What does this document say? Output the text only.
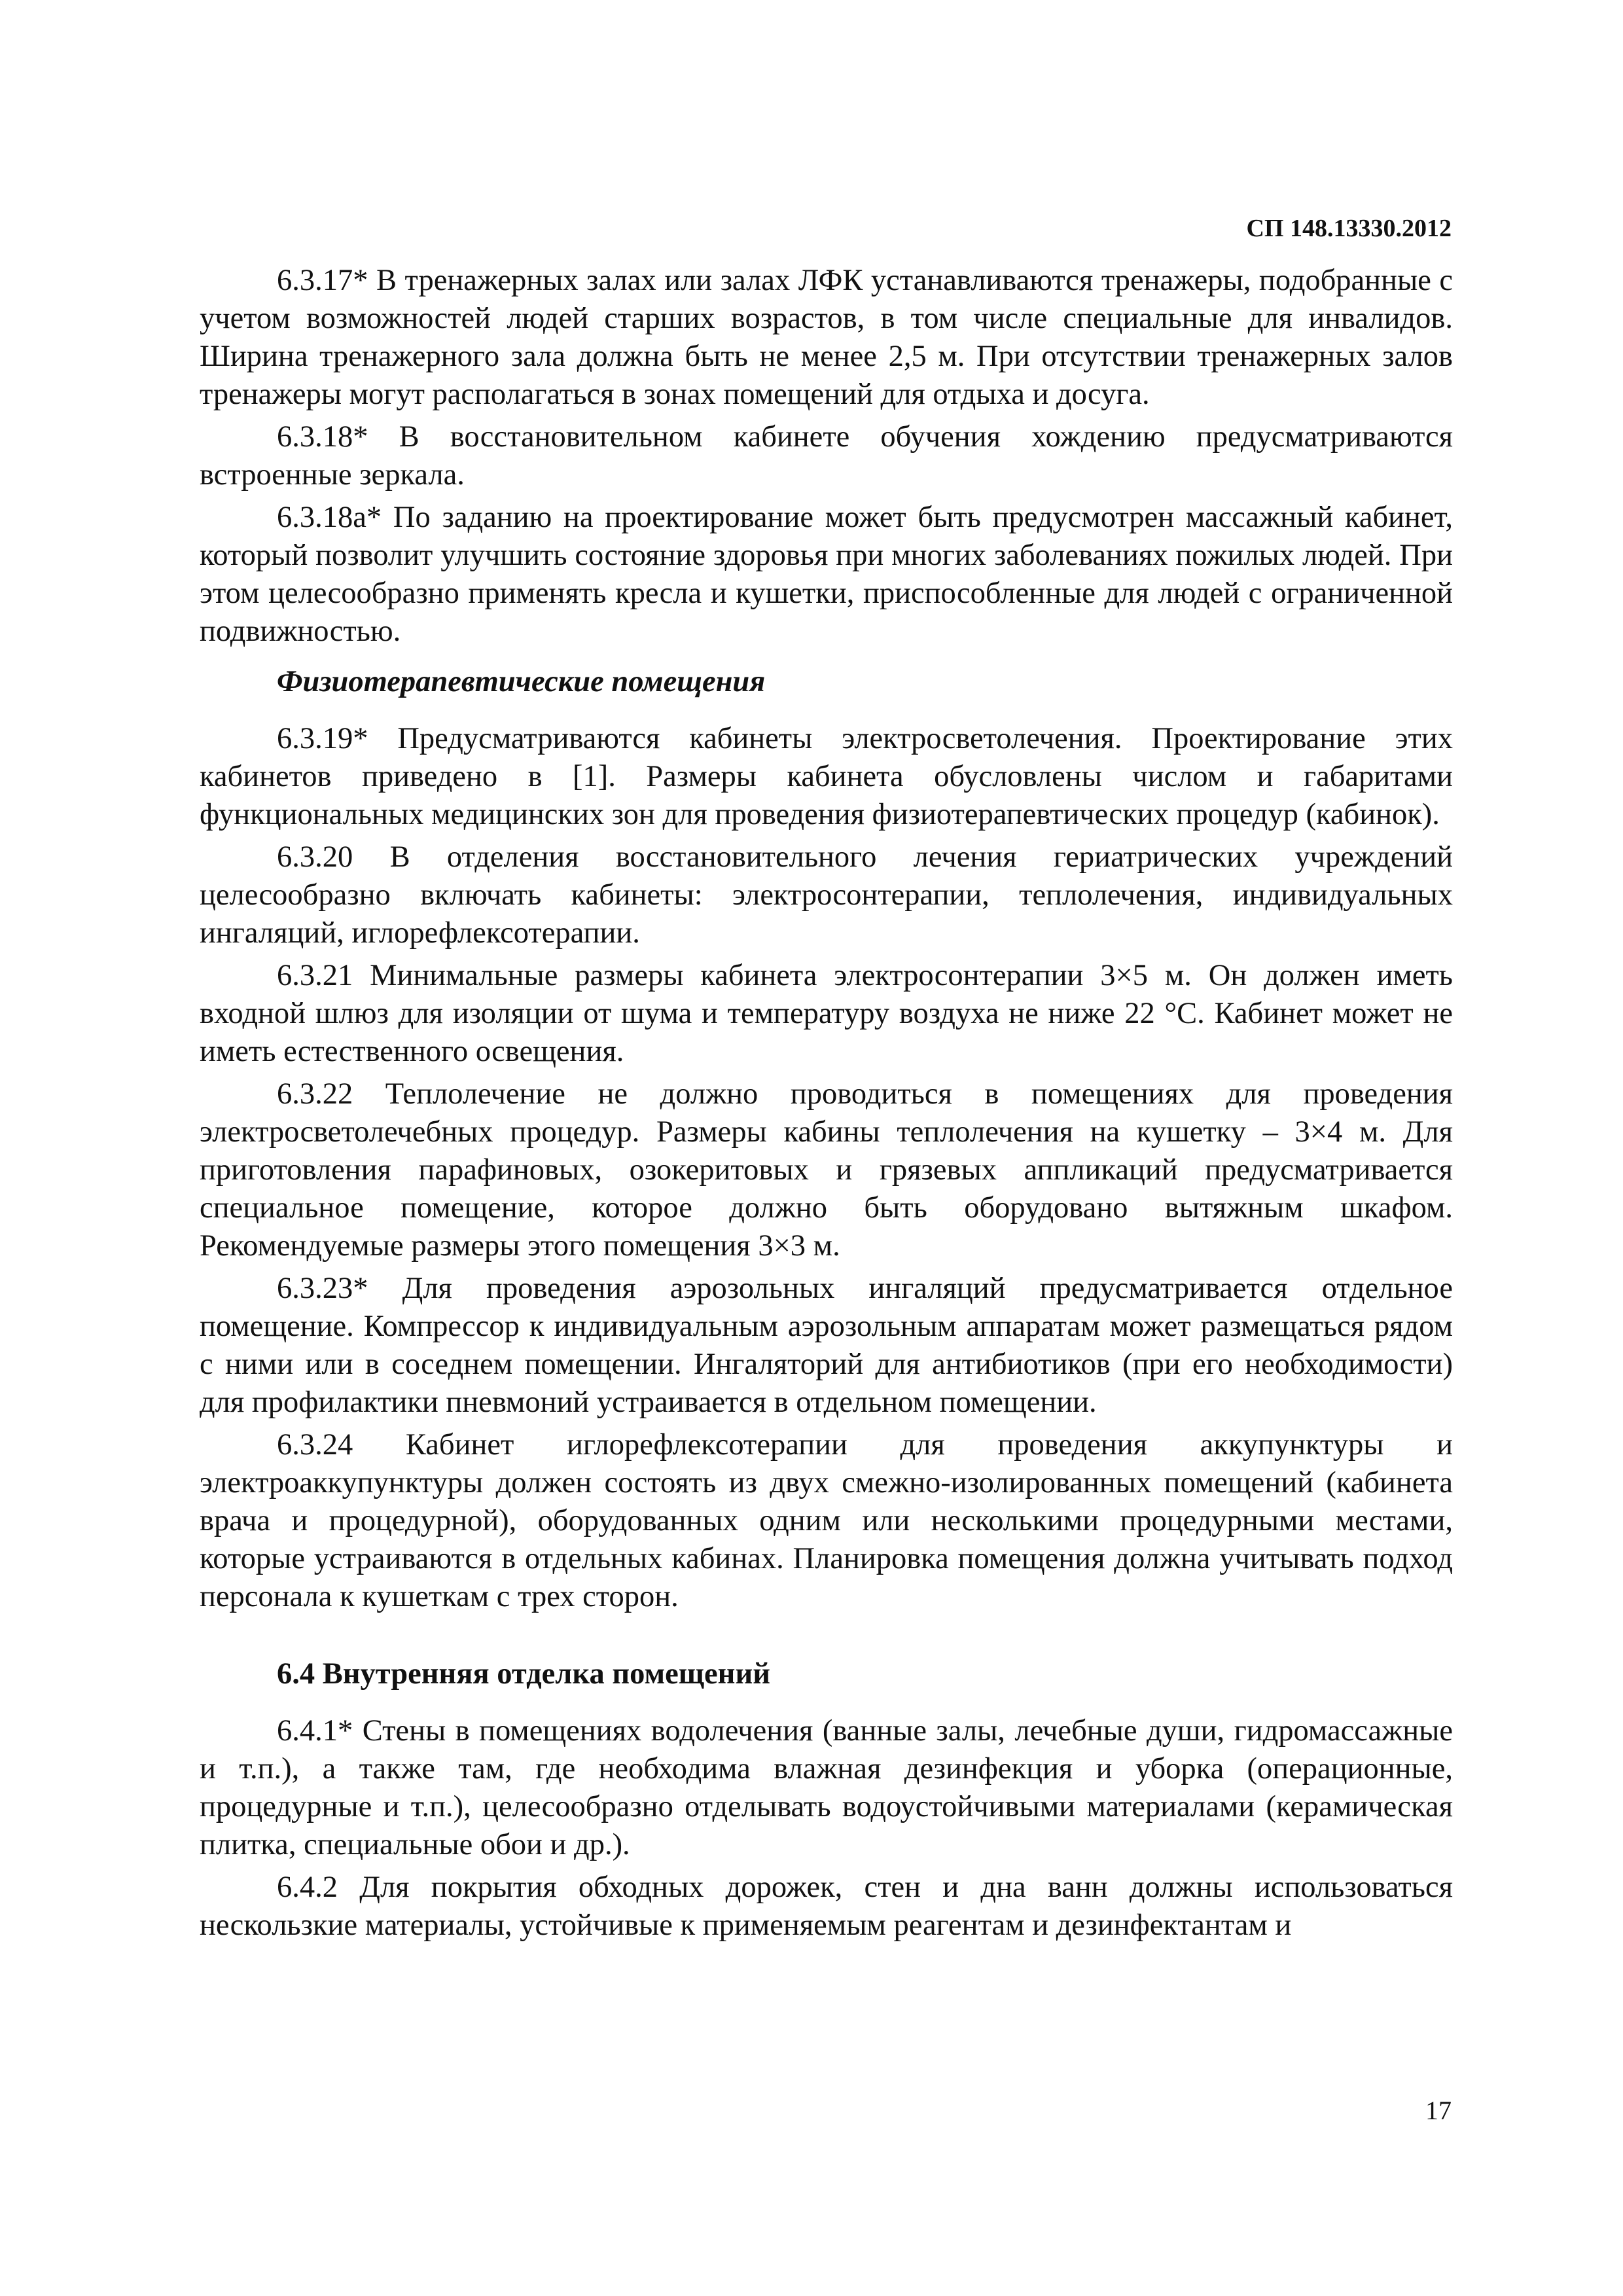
СП 148.13330.2012

6.3.17* В тренажерных залах или залах ЛФК устанавливаются тренажеры, подобранные с учетом возможностей людей старших возрастов, в том числе специальные для инвалидов. Ширина тренажерного зала должна быть не менее 2,5 м. При отсутствии тренажерных залов тренажеры могут располагаться в зонах помещений для отдыха и досуга.

6.3.18* В восстановительном кабинете обучения хождению предусматриваются встроенные зеркала.

6.3.18а* По заданию на проектирование может быть предусмотрен массажный кабинет, который позволит улучшить состояние здоровья при многих заболеваниях пожилых людей. При этом целесообразно применять кресла и кушетки, приспособленные для людей с ограниченной подвижностью.

Физиотерапевтические помещения

6.3.19* Предусматриваются кабинеты электросветолечения. Проектирование этих кабинетов приведено в [1]. Размеры кабинета обусловлены числом и габаритами функциональных медицинских зон для проведения физиотерапевтических процедур (кабинок).

6.3.20 В отделения восстановительного лечения гериатрических учреждений целесообразно включать кабинеты: электросонтерапии, теплолечения, индивидуальных ингаляций, иглорефлексотерапии.

6.3.21 Минимальные размеры кабинета электросонтерапии 3×5 м. Он должен иметь входной шлюз для изоляции от шума и температуру воздуха не ниже 22 °С. Кабинет может не иметь естественного освещения.

6.3.22 Теплолечение не должно проводиться в помещениях для проведения электросветолечебных процедур. Размеры кабины теплолечения на кушетку – 3×4 м. Для приготовления парафиновых, озокеритовых и грязевых аппликаций предусматривается специальное помещение, которое должно быть оборудовано вытяжным шкафом. Рекомендуемые размеры этого помещения 3×3 м.

6.3.23* Для проведения аэрозольных ингаляций предусматривается отдельное помещение. Компрессор к индивидуальным аэрозольным аппаратам может размещаться рядом с ними или в соседнем помещении. Ингаляторий для антибиотиков (при его необходимости) для профилактики пневмоний устраивается в отдельном помещении.

6.3.24 Кабинет иглорефлексотерапии для проведения аккупунктуры и электроаккупунктуры должен состоять из двух смежно-изолированных помещений (кабинета врача и процедурной), оборудованных одним или несколькими процедурными местами, которые устраиваются в отдельных кабинах. Планировка помещения должна учитывать подход персонала к кушеткам с трех сторон.

6.4 Внутренняя отделка помещений

6.4.1* Стены в помещениях водолечения (ванные залы, лечебные души, гидромассажные и т.п.), а также там, где необходима влажная дезинфекция и уборка (операционные, процедурные и т.п.), целесообразно отделывать водоустойчивыми материалами (керамическая плитка, специальные обои и др.).

6.4.2 Для покрытия обходных дорожек, стен и дна ванн должны использоваться нескользкие материалы, устойчивые к применяемым реагентам и дезинфектантам и

17
